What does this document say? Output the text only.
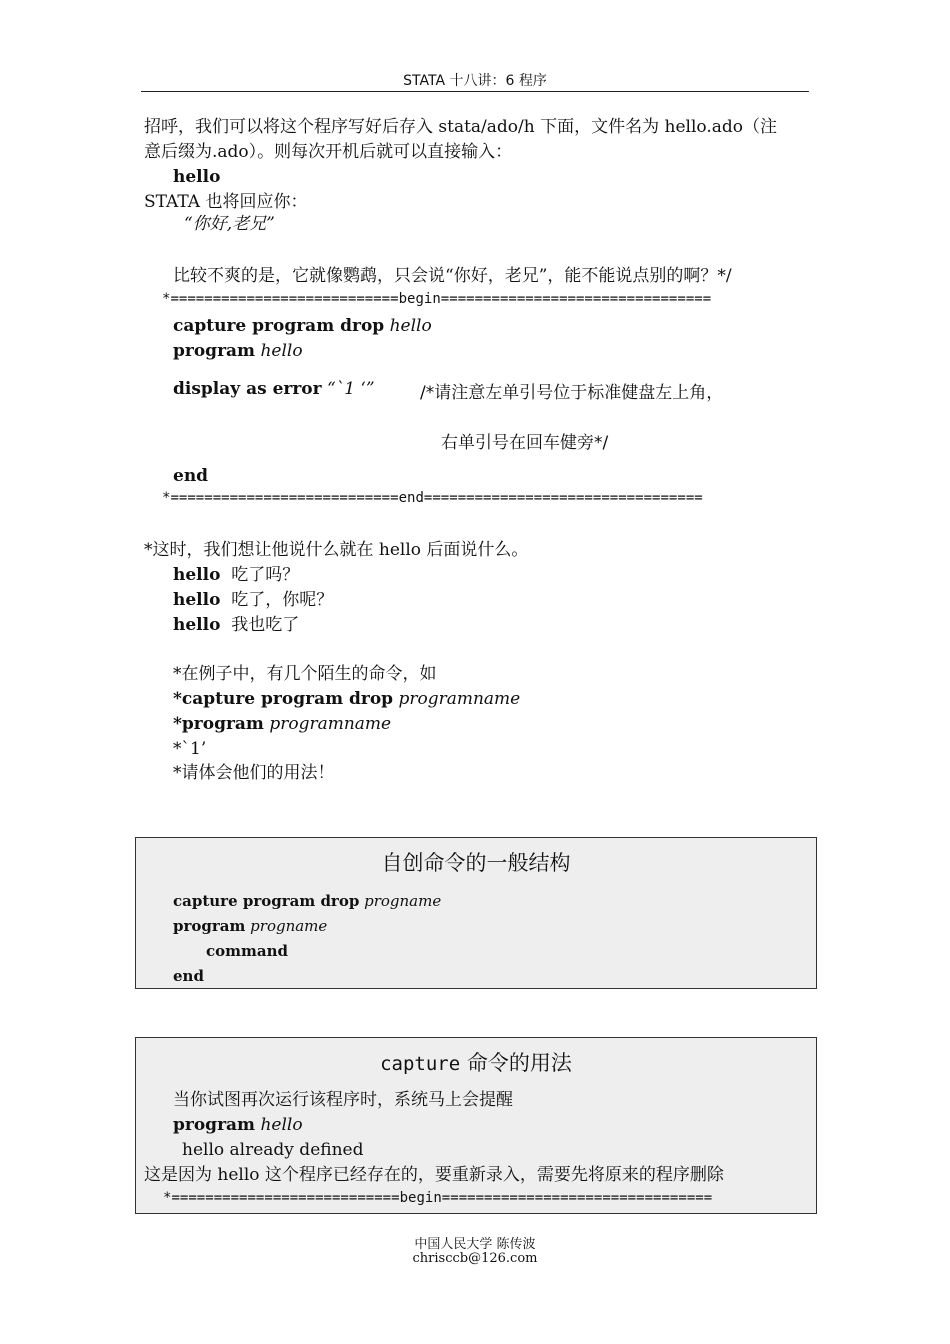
STATA 十八讲：6 程序
招呼，我们可以将这个程序写好后存入 stata/ado/h 下面，文件名为 hello.ado（注
意后缀为.ado）。则每次开机后就可以直接输入：
hello
STATA 也将回应你：
“你好,老兄”
比较不爽的是，它就像鹦鹉，只会说“你好，老兄”，能不能说点别的啊？*/
*===========================begin================================
capture program drop hello
program hello
display as error “`1 ‘”	/*请注意左单引号位于标准健盘左上角，
右单引号在回车健旁*/
end
*===========================end=================================
*这时，我们想让他说什么就在 hello 后面说什么。
hello 吃了吗？
hello 吃了，你呢？
hello 我也吃了
*在例子中，有几个陌生的命令，如
*capture program drop programname
*program programname
*`1’
*请体会他们的用法！
自创命令的一般结构
capture program drop progname
program progname
command
end
capture 命令的用法
当你试图再次运行该程序时，系统马上会提醒
program hello
hello already defined
这是因为 hello 这个程序已经存在的，要重新录入，需要先将原来的程序删除
*===========================begin================================
中国人民大学 陈传波
chrisccb@126.com
